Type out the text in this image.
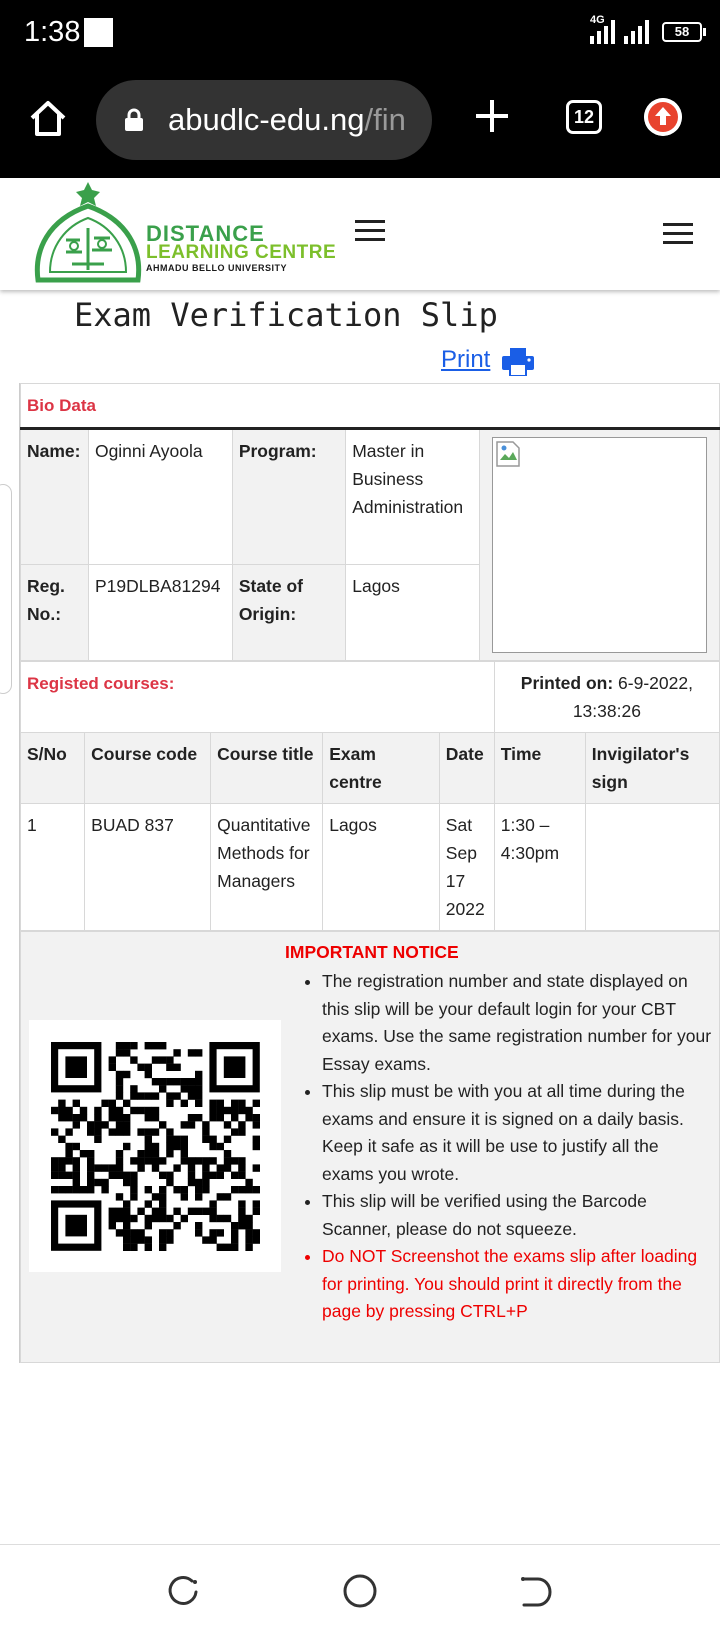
1:38	4G
58
abudlc-edu.ng/fin	12
DISTANCE
LEARNING CENTRE
AHMADU BELLO UNIVERSITY
Exam Verification Slip
Print
Bio Data				
Name:	Oginni Ayoola	Program:	Master in Business Administration	

Reg. No.:	P19DLBA81294	State of Origin:	Lagos	
Registed courses:					Printed on: 6-9-2022, 13:38:26	
S/No	Course code	Course title	Exam centre	Date	Time	Invigilator's sign
1	BUAD 837	Quantitative Methods for Managers	Lagos	Sat Sep 17 2022	1:30 – 4:30pm	
IMPORTANT NOTICE
• The registration number and state displayed on this slip will be your default login for your CBT exams. Use the same registration number for your Essay exams.
• This slip must be with you at all time during the exams and ensure it is signed on a daily basis. Keep it safe as it will be use to justify all the exams you wrote.
• This slip will be verified using the Barcode Scanner, please do not squeeze.
• Do NOT Screenshot the exams slip after loading for printing. You should print it directly from the page by pressing CTRL+P
